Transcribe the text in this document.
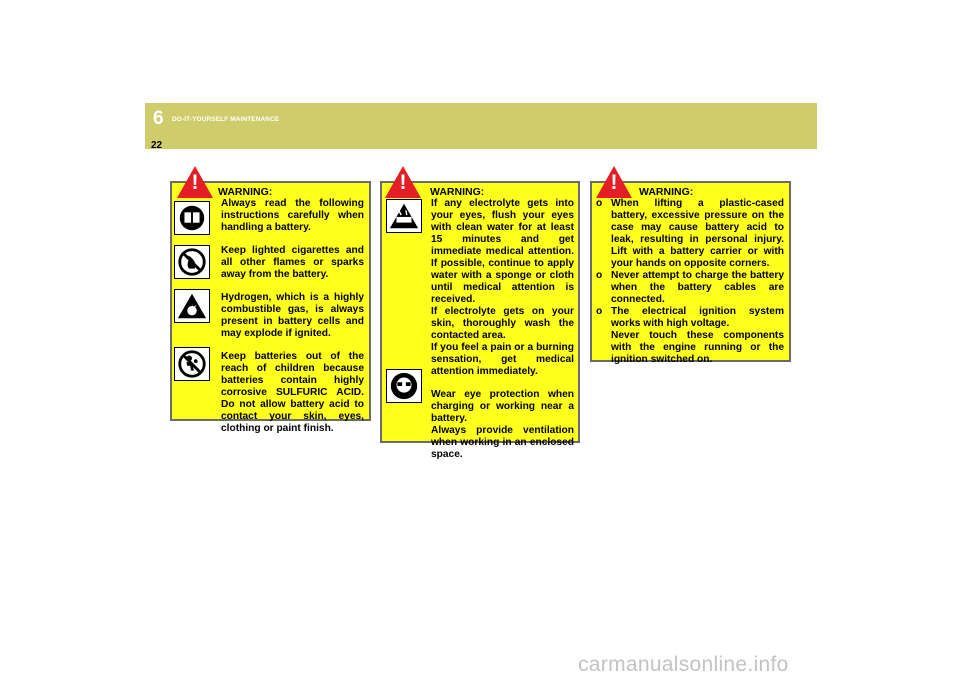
6 DO-IT-YOURSELF MAINTENANCE
22
! WARNING:

Always read the following instructions carefully when handling a battery.

Keep lighted cigarettes and all other flames or sparks away from the battery.

Hydrogen, which is a highly combustible gas, is always present in battery cells and may explode if ignited.

Keep batteries out of the reach of children because batteries contain highly corrosive SULFURIC ACID. Do not allow battery acid to contact your skin, eyes, clothing or paint finish.

! WARNING:
If any electrolyte gets into your eyes, flush your eyes with clean water for at least 15 minutes and get immediate medical attention. If possible, continue to apply water with a sponge or cloth until medical attention is received.
If electrolyte gets on your skin, thoroughly wash the contacted area.
If you feel a pain or a burning sensation, get medical attention immediately.
Wear eye protection when charging or working near a battery.
Always provide ventilation when working in an enclosed space.
! WARNING:
o When lifting a plastic-cased battery, excessive pressure on the case may cause battery acid to leak, resulting in personal injury. Lift with a battery carrier or with your hands on opposite corners.
o Never attempt to charge the battery when the battery cables are connected.
o The electrical ignition system works with high voltage.
Never touch these components with the engine running or the ignition switched on.
carmanualsonline.info
